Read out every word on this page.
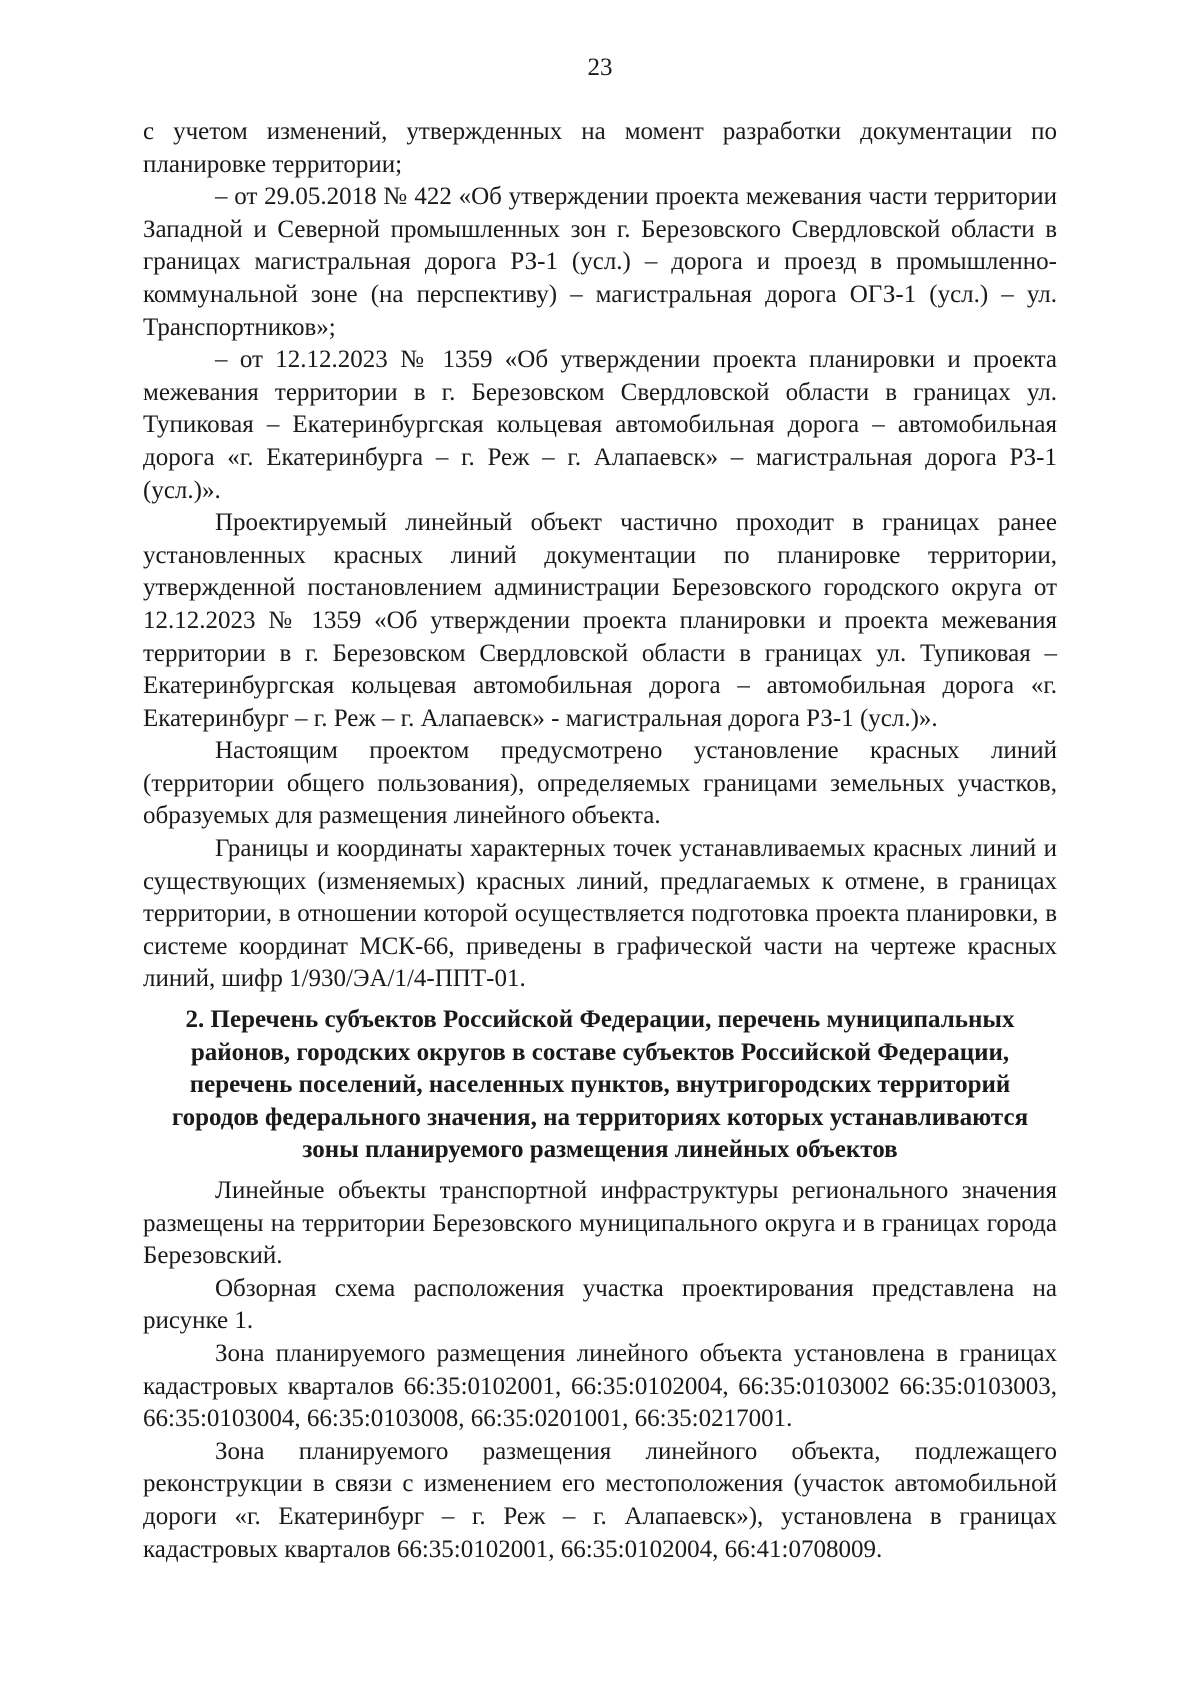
23

с учетом изменений, утвержденных на момент разработки документации по планировке территории;

– от 29.05.2018 № 422 «Об утверждении проекта межевания части территории Западной и Северной промышленных зон г. Березовского Свердловской области в границах магистральная дорога РЗ-1 (усл.) – дорога и проезд в промышленно-коммунальной зоне (на перспективу) – магистральная дорога ОГЗ-1 (усл.) – ул. Транспортников»;

– от 12.12.2023 № 1359 «Об утверждении проекта планировки и проекта межевания территории в г. Березовском Свердловской области в границах ул. Тупиковая – Екатеринбургская кольцевая автомобильная дорога – автомобильная дорога «г. Екатеринбурга – г. Реж – г. Алапаевск» – магистральная дорога РЗ-1 (усл.)».

Проектируемый линейный объект частично проходит в границах ранее установленных красных линий документации по планировке территории, утвержденной постановлением администрации Березовского городского округа от 12.12.2023 № 1359 «Об утверждении проекта планировки и проекта межевания территории в г. Березовском Свердловской области в границах ул. Тупиковая – Екатеринбургская кольцевая автомобильная дорога – автомобильная дорога «г. Екатеринбург – г. Реж – г. Алапаевск» - магистральная дорога РЗ-1 (усл.)».

Настоящим проектом предусмотрено установление красных линий (территории общего пользования), определяемых границами земельных участков, образуемых для размещения линейного объекта.

Границы и координаты характерных точек устанавливаемых красных линий и существующих (изменяемых) красных линий, предлагаемых к отмене, в границах территории, в отношении которой осуществляется подготовка проекта планировки, в системе координат МСК-66, приведены в графической части на чертеже красных линий, шифр 1/930/ЭА/1/4-ППТ-01.

2. Перечень субъектов Российской Федерации, перечень муниципальных районов, городских округов в составе субъектов Российской Федерации, перечень поселений, населенных пунктов, внутригородских территорий городов федерального значения, на территориях которых устанавливаются зоны планируемого размещения линейных объектов

Линейные объекты транспортной инфраструктуры регионального значения размещены на территории Березовского муниципального округа и в границах города Березовский.

Обзорная схема расположения участка проектирования представлена на рисунке 1.

Зона планируемого размещения линейного объекта установлена в границах кадастровых кварталов 66:35:0102001, 66:35:0102004, 66:35:0103002 66:35:0103003, 66:35:0103004, 66:35:0103008, 66:35:0201001, 66:35:0217001.

Зона планируемого размещения линейного объекта, подлежащего реконструкции в связи с изменением его местоположения (участок автомобильной дороги «г. Екатеринбург – г. Реж – г. Алапаевск»), установлена в границах кадастровых кварталов 66:35:0102001, 66:35:0102004, 66:41:0708009.
